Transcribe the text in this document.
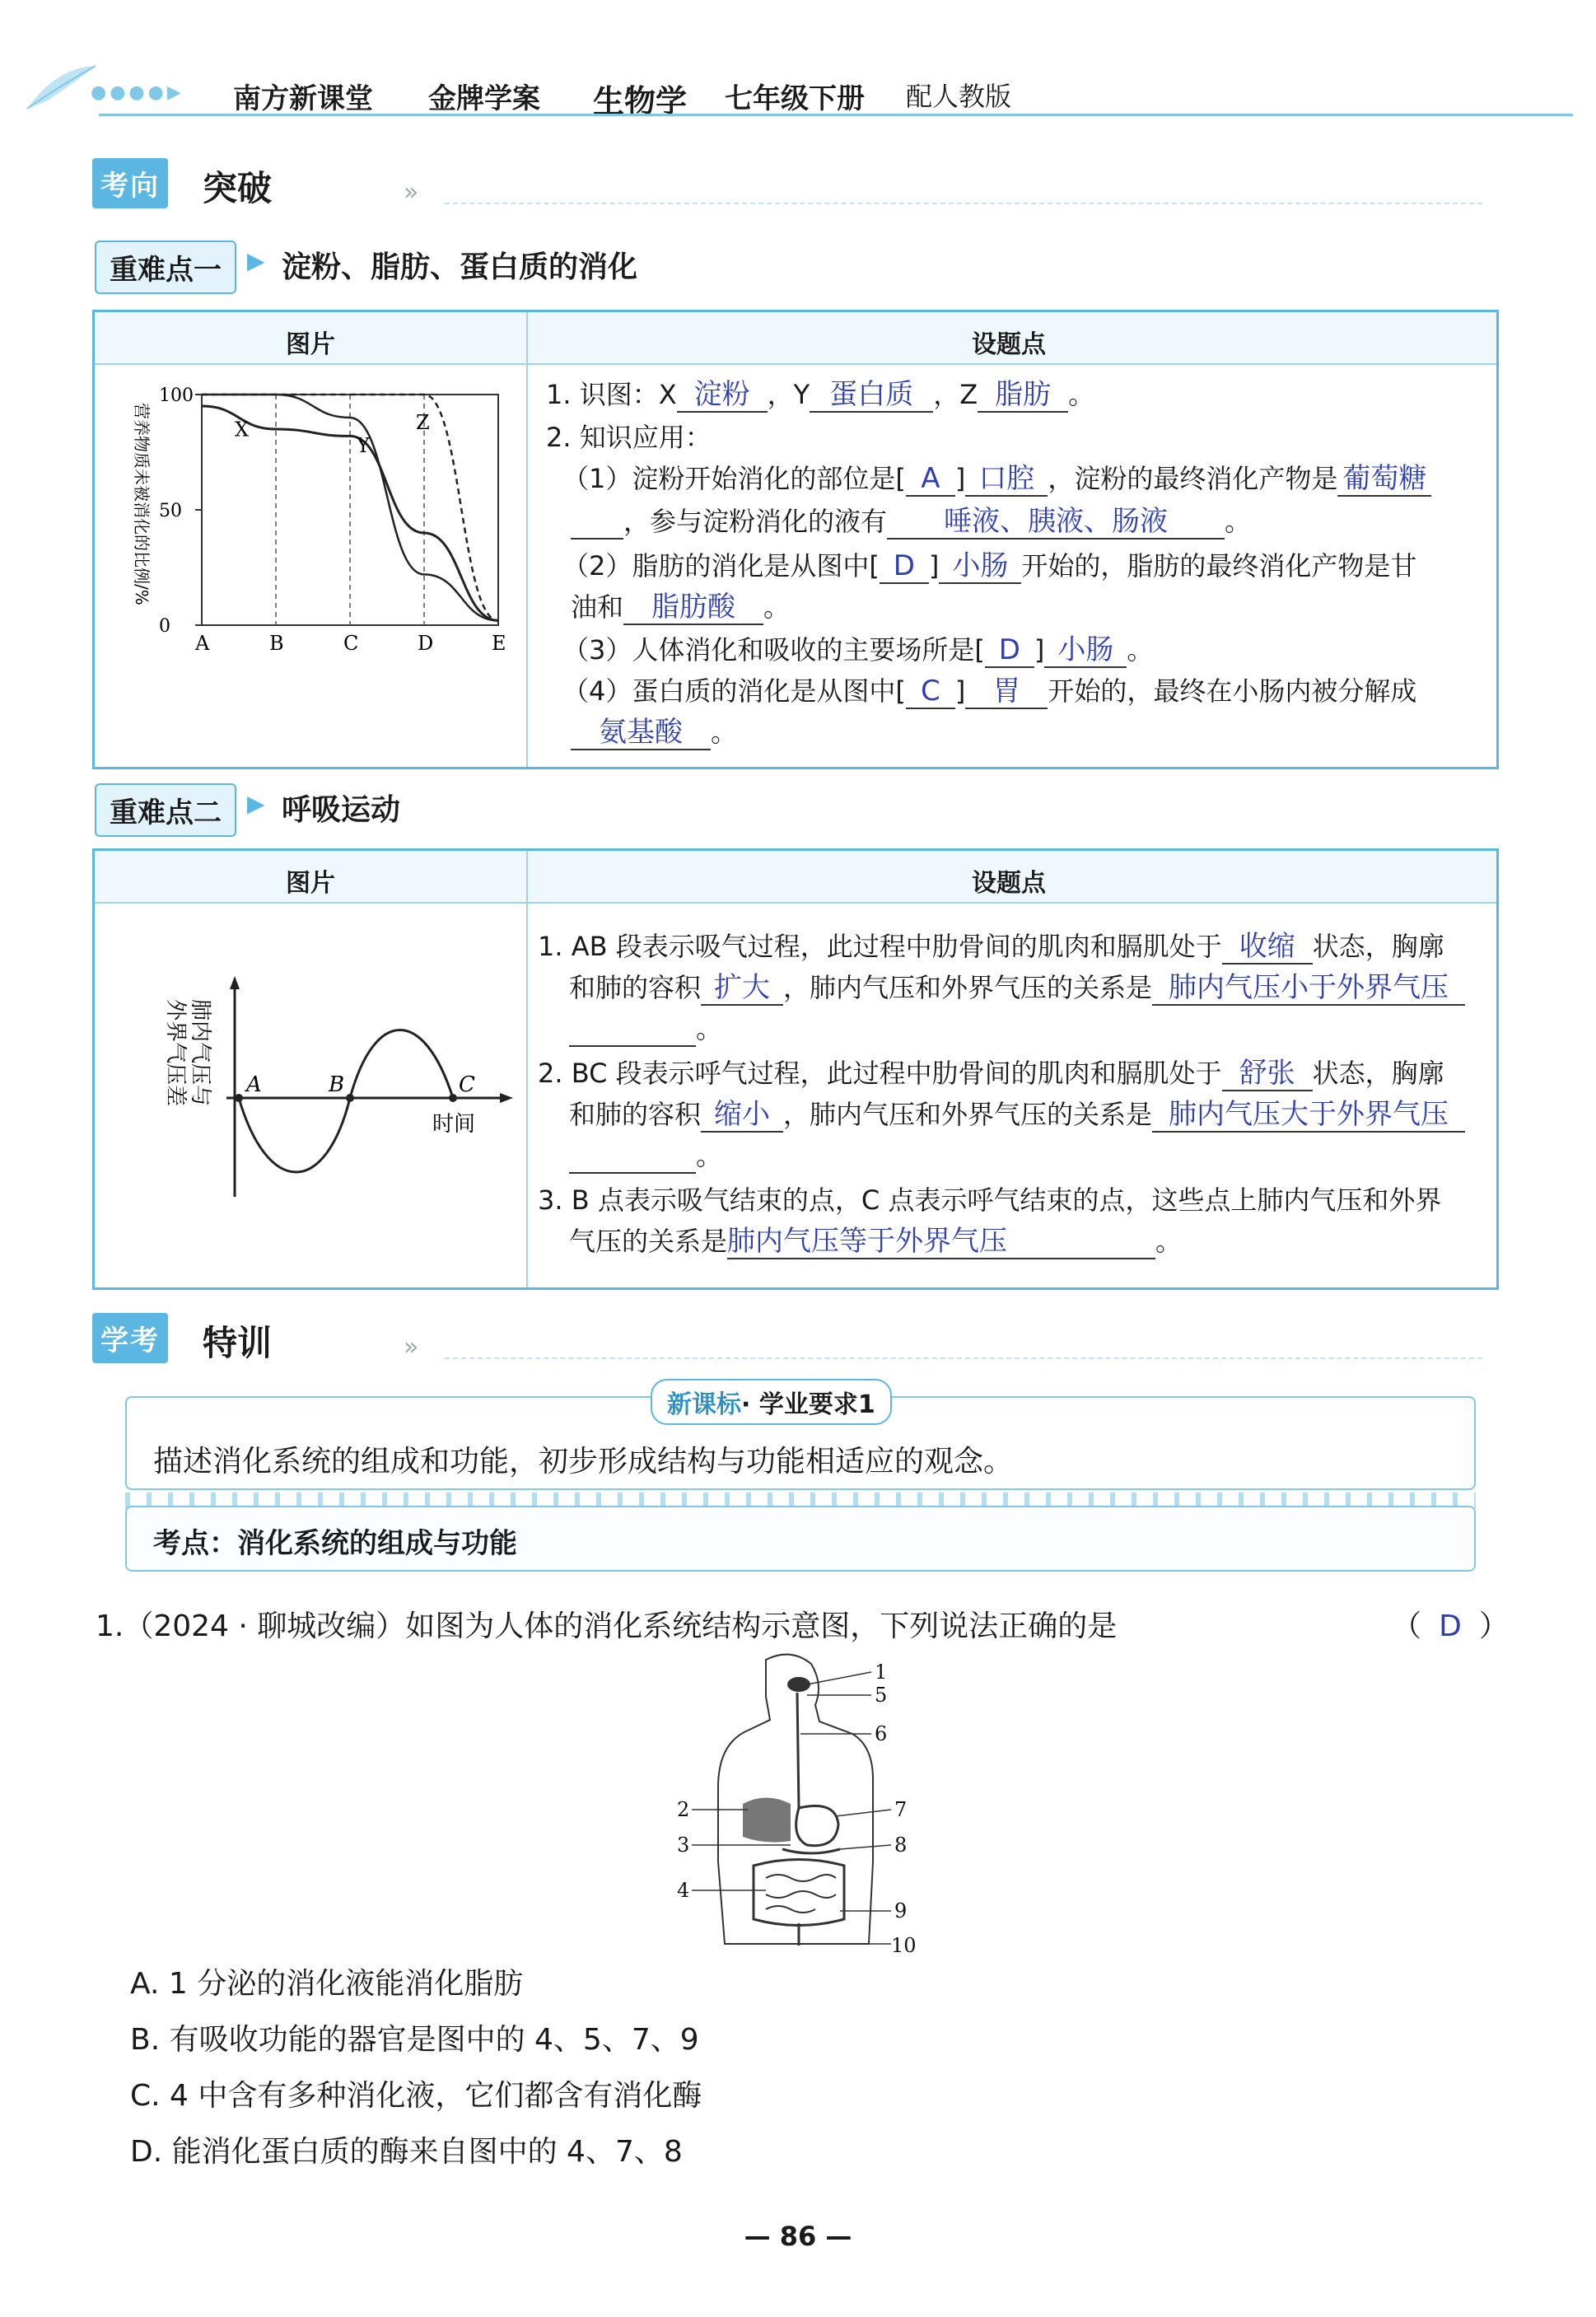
●●●●▶ 南方新课堂 金牌学案 生物学 七年级下册 配人教版
考向 突破	»
重难点一	▶ 淀粉、脂肪、蛋白质的消化
图片	设题点
A	B	C	D	E
100
50
0
营养物质未被消化的比例/%	X
Y
Z
1. 识图：X 淀粉 ，Y 蛋白质 ，Z 脂肪 。
2. 知识应用：
（1）淀粉开始消化的部位是[ A ] 口腔 ，淀粉的最终消化产物是 葡萄糖
，参与淀粉消化的液有 唾液、胰液、肠液 。
（2）脂肪的消化是从图中[ D ] 小肠 开始的，脂肪的最终消化产物是甘
油和 脂肪酸 。
（3）人体消化和吸收的主要场所是[ D ] 小肠 。
（4）蛋白质的消化是从图中[ C ] 胃 开始的，最终在小肠内被分解成
氨基酸 。
重难点二	▶ 呼吸运动
图片	设题点
A	B	C
时间
肺内气压与
外界气压差
1. AB 段表示吸气过程，此过程中肋骨间的肌肉和膈肌处于 收缩 状态，胸廓
和肺的容积 扩大 ，肺内气压和外界气压的关系是 肺内气压小于外界气压
。
2. BC 段表示呼气过程，此过程中肋骨间的肌肉和膈肌处于 舒张 状态，胸廓
和肺的容积 缩小 ，肺内气压和外界气压的关系是 肺内气压大于外界气压
。
3. B 点表示吸气结束的点，C 点表示呼气结束的点，这些点上肺内气压和外界
气压的关系是肺内气压等于外界气压	。
学考 特训	»
新课标· 学业要求1
描述消化系统的组成和功能，初步形成结构与功能相适应的观念。
考点：消化系统的组成与功能
1.（2024 · 聊城改编）如图为人体的消化系统结构示意图，下列说法正确的是	（ D ）
1
5
6
2	7
3	8
4
9
10
A. 1 分泌的消化液能消化脂肪
B. 有吸收功能的器官是图中的 4、5、7、9
C. 4 中含有多种消化液，它们都含有消化酶
D. 能消化蛋白质的酶来自图中的 4、7、8
— 86 —
